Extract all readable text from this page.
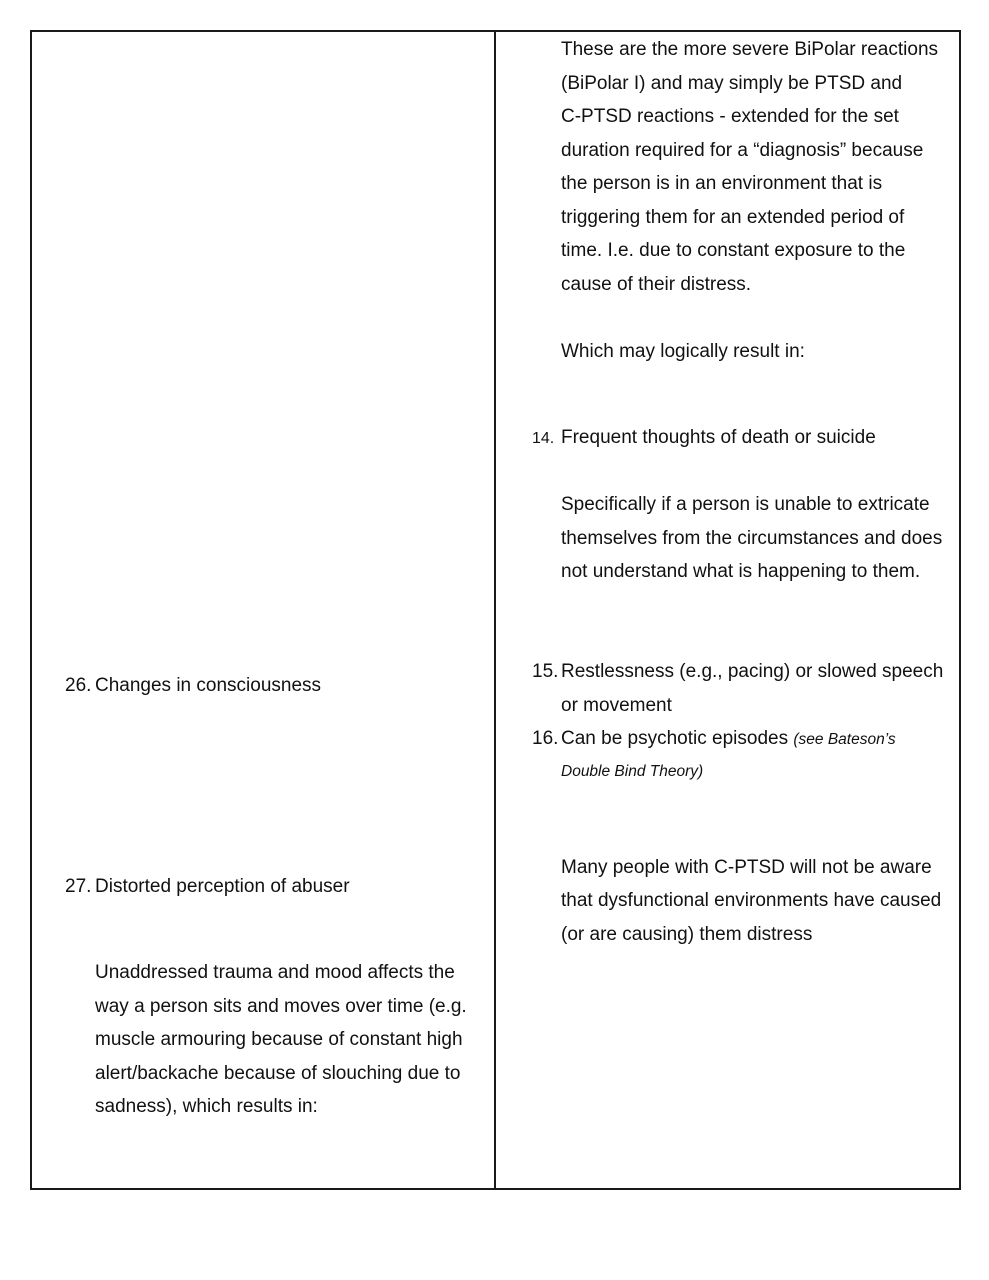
These are the more severe BiPolar reactions

(BiPolar I) and may simply be PTSD and

C-PTSD reactions - extended for the set

duration required for a “diagnosis” because

the person is in an environment that is

triggering them for an extended period of

time. I.e. due to constant exposure to the

cause of their distress.

Which may logically result in:

14. Frequent thoughts of death or suicide

Specifically if a person is unable to extricate

themselves from the circumstances and does

not understand what is happening to them.

15. Restlessness (e.g., pacing) or slowed speech

or movement

16. Can be psychotic episodes (see Bateson’s

Double Bind Theory)

Many people with C-PTSD will not be aware

that dysfunctional environments have caused

(or are causing) them distress

26. Changes in consciousness

27. Distorted perception of abuser

Unaddressed trauma and mood affects the

way a person sits and moves over time (e.g.

muscle armouring because of constant high

alert/backache because of slouching due to

sadness), which results in:
